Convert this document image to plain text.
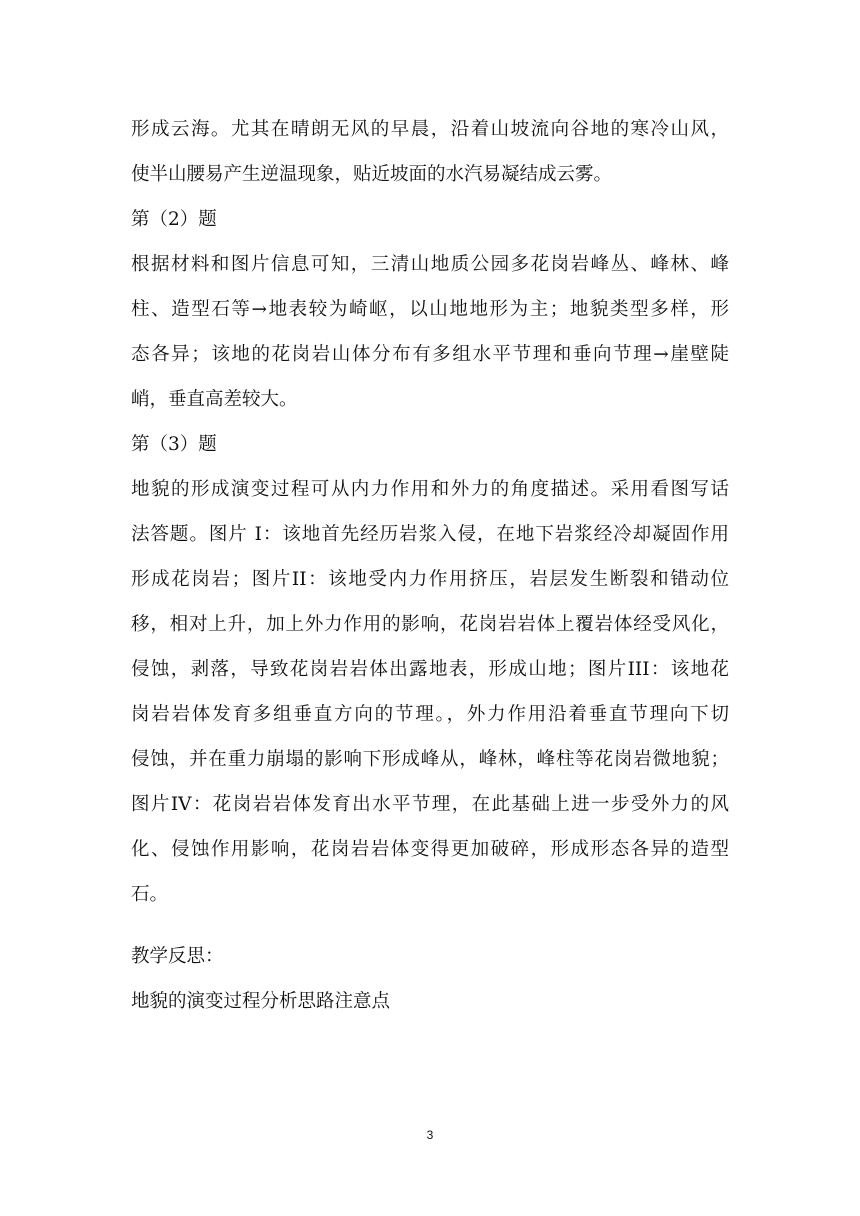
形成云海。尤其在晴朗无风的早晨，沿着山坡流向谷地的寒冷山风，
使半山腰易产生逆温现象，贴近坡面的水汽易凝结成云雾。
第（2）题
根据材料和图片信息可知，三清山地质公园多花岗岩峰丛、峰林、峰
柱、造型石等→地表较为崎岖，以山地地形为主；地貌类型多样，形
态各异；该地的花岗岩山体分布有多组水平节理和垂向节理→崖壁陡
峭，垂直高差较大。
第（3）题
地貌的形成演变过程可从内力作用和外力的角度描述。采用看图写话
法答题。图片 I：该地首先经历岩浆入侵，在地下岩浆经冷却凝固作用
形成花岗岩；图片II：该地受内力作用挤压，岩层发生断裂和错动位
移，相对上升，加上外力作用的影响，花岗岩岩体上覆岩体经受风化，
侵蚀，剥落，导致花岗岩岩体出露地表，形成山地；图片III：该地花
岗岩岩体发育多组垂直方向的节理。，外力作用沿着垂直节理向下切
侵蚀，并在重力崩塌的影响下形成峰从，峰林，峰柱等花岗岩微地貌；
图片IV：花岗岩岩体发育出水平节理，在此基础上进一步受外力的风
化、侵蚀作用影响，花岗岩岩体变得更加破碎，形成形态各异的造型
石。
教学反思：
地貌的演变过程分析思路注意点
3
